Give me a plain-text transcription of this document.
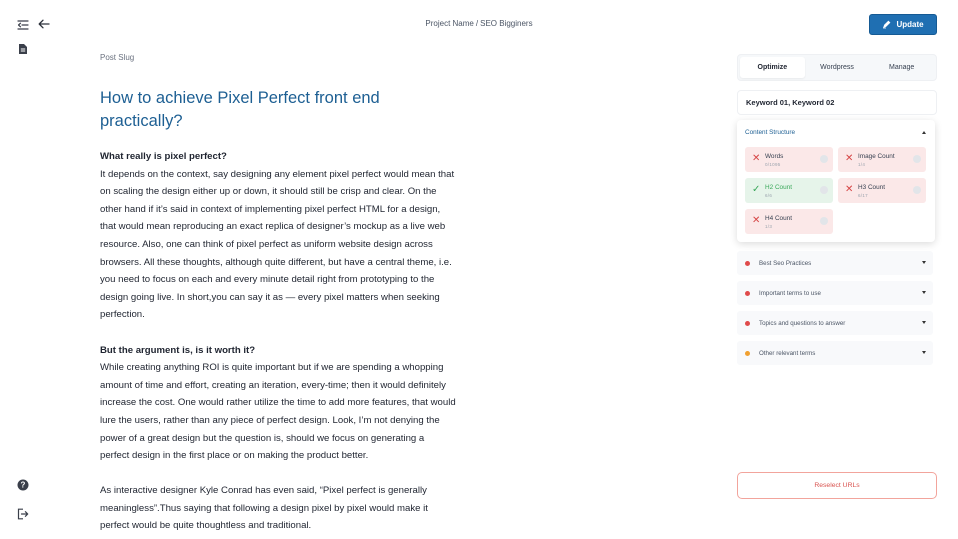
?
Project Name / SEO Bigginers	Update
Post Slug
How to achieve Pixel Perfect front end practically?

What really is pixel perfect?
It depends on the context, say designing any element pixel perfect would mean that on scaling the design either up or down, it should still be crisp and clear. On the other hand if it’s said in context of implementing pixel perfect HTML for a design, that would mean reproducing an exact replica of designer’s mockup as a live web resource. Also, one can think of pixel perfect as uniform website design across browsers. All these thoughts, although quite different, but have a central theme, i.e. you need to focus on each and every minute detail right from prototyping to the design going live. In short,you can say it as — every pixel matters when seeking perfection.

But the argument is, is it worth it?
While creating anything ROI is quite important but if we are spending a whopping amount of time and effort, creating an iteration, every-time; then it would definitely increase the cost. One would rather utilize the time to add more features, that would lure the users, rather than any piece of perfect design. Look, I’m not denying the power of a great design but the question is, should we focus on generating a perfect design in the first place or on making the product better.

As interactive designer Kyle Conrad has even said, “Pixel perfect is generally meaningless”.Thus saying that following a design pixel by pixel would make it perfect would be quite thoughtless and traditional.

Optimize	Wordpress	Manage
Keyword 01, Keyword 02
Content Structure
✕ Words
0/1095
✕ Image Count
1/4
✓ H2 Count
6/6
✕ H3 Count
6/17
✕ H4 Count
1/3
Best Seo Practices
Important terms to use
Topics and questions to answer
Other relevant terms
Reselect URLs
